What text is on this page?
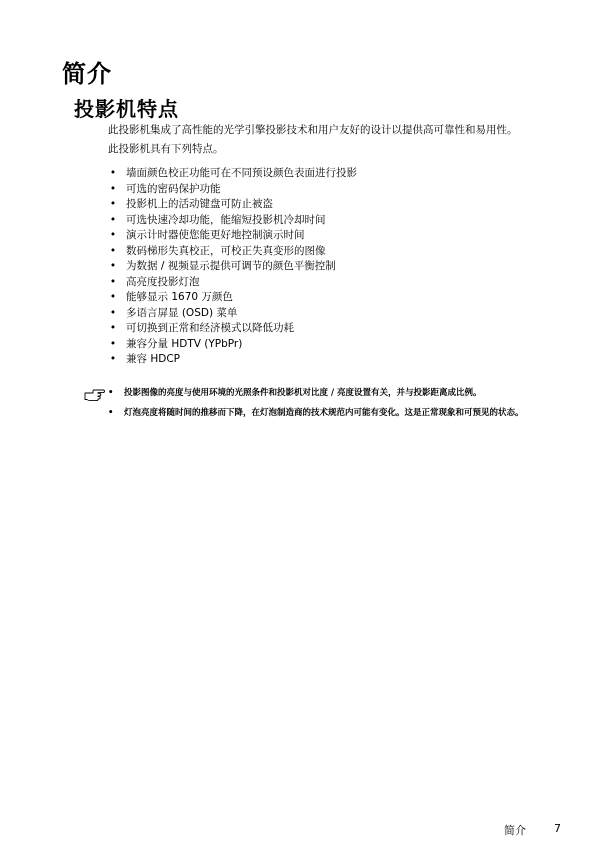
简介
投影机特点

此投影机集成了高性能的光学引擎投影技术和用户友好的设计以提供高可靠性和易用性。

此投影机具有下列特点。

• 墙面颜色校正功能可在不同预设颜色表面进行投影
• 可选的密码保护功能
• 投影机上的活动键盘可防止被盗
• 可选快速冷却功能，能缩短投影机冷却时间
• 演示计时器使您能更好地控制演示时间
• 数码梯形失真校正，可校正失真变形的图像
• 为数据 / 视频显示提供可调节的颜色平衡控制
• 高亮度投影灯泡
• 能够显示 1670 万颜色
• 多语言屏显 (OSD) 菜单
• 可切换到正常和经济模式以降低功耗
• 兼容分量 HDTV (YPbPr)
• 兼容 HDCP
• 投影图像的亮度与使用环境的光照条件和投影机对比度 / 亮度设置有关，并与投影距离成比例。
• 灯泡亮度将随时间的推移而下降，在灯泡制造商的技术规范内可能有变化。这是正常现象和可预见的状态。
简介	7
